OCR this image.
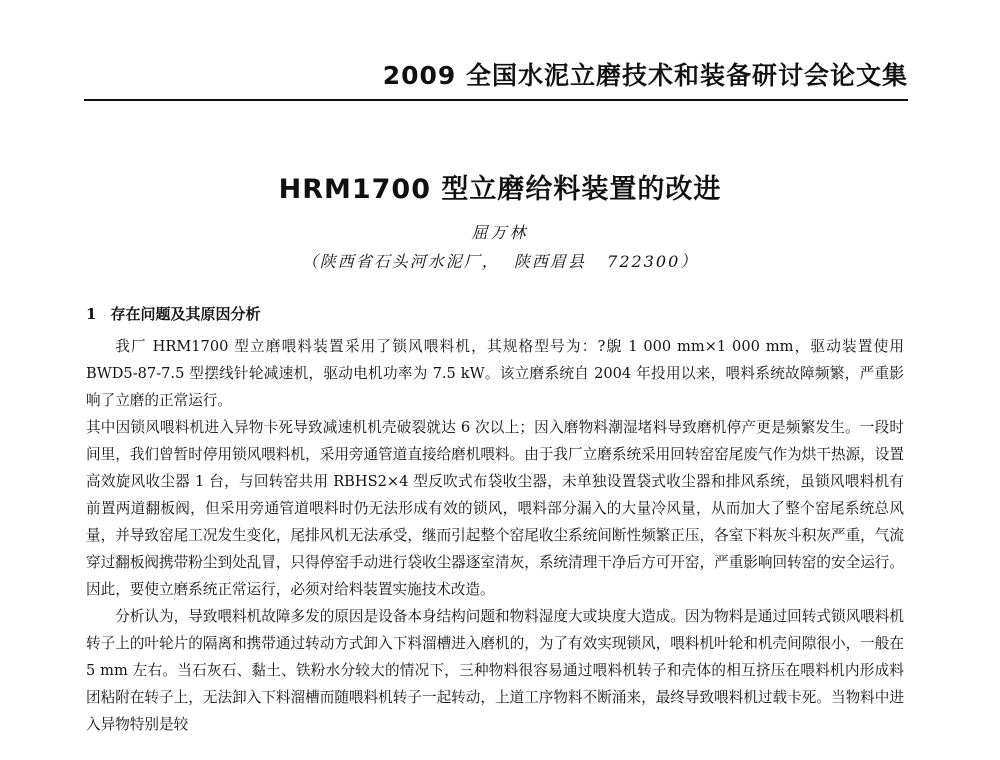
2009 全国水泥立磨技术和装备研讨会论文集
HRM1700 型立磨给料装置的改进
屈万林
（陕西省石头河水泥厂，  陕西眉县   722300）
1 存在问题及其原因分析

我厂 HRM1700 型立磨喂料装置采用了锁风喂料机，其规格型号为：?鶃 1 000 mm×1 000 mm，驱动装置使用 BWD5-87-7.5 型摆线针轮减速机，驱动电机功率为 7.5 kW。该立磨系统自 2004 年投用以来，喂料系统故障频繁，严重影响了立磨的正常运行。

其中因锁风喂料机进入异物卡死导致减速机机壳破裂就达 6 次以上；因入磨物料潮湿堵料导致磨机停产更是频繁发生。一段时间里，我们曾暂时停用锁风喂料机，采用旁通管道直接给磨机喂料。由于我厂立磨系统采用回转窑窑尾废气作为烘干热源，设置高效旋风收尘器 1 台，与回转窑共用 RBHS2×4 型反吹式布袋收尘器，未单独设置袋式收尘器和排风系统，虽锁风喂料机有前置两道翻板阀，但采用旁通管道喂料时仍无法形成有效的锁风，喂料部分漏入的大量冷风量，从而加大了整个窑尾系统总风量，并导致窑尾工况发生变化，尾排风机无法承受，继而引起整个窑尾收尘系统间断性频繁正压，各室下料灰斗积灰严重，气流穿过翻板阀携带粉尘到处乱冒，只得停窑手动进行袋收尘器逐室清灰，系统清理干净后方可开窑，严重影响回转窑的安全运行。因此，要使立磨系统正常运行，必须对给料装置实施技术改造。

分析认为，导致喂料机故障多发的原因是设备本身结构问题和物料湿度大或块度大造成。因为物料是通过回转式锁风喂料机转子上的叶轮片的隔离和携带通过转动方式卸入下料溜槽进入磨机的，为了有效实现锁风，喂料机叶轮和机壳间隙很小，一般在 5 mm 左右。当石灰石、黏土、铁粉水分较大的情况下，三种物料很容易通过喂料机转子和壳体的相互挤压在喂料机内形成料团粘附在转子上，无法卸入下料溜槽而随喂料机转子一起转动，上道工序物料不断涌来，最终导致喂料机过载卡死。当物料中进入异物特别是较
